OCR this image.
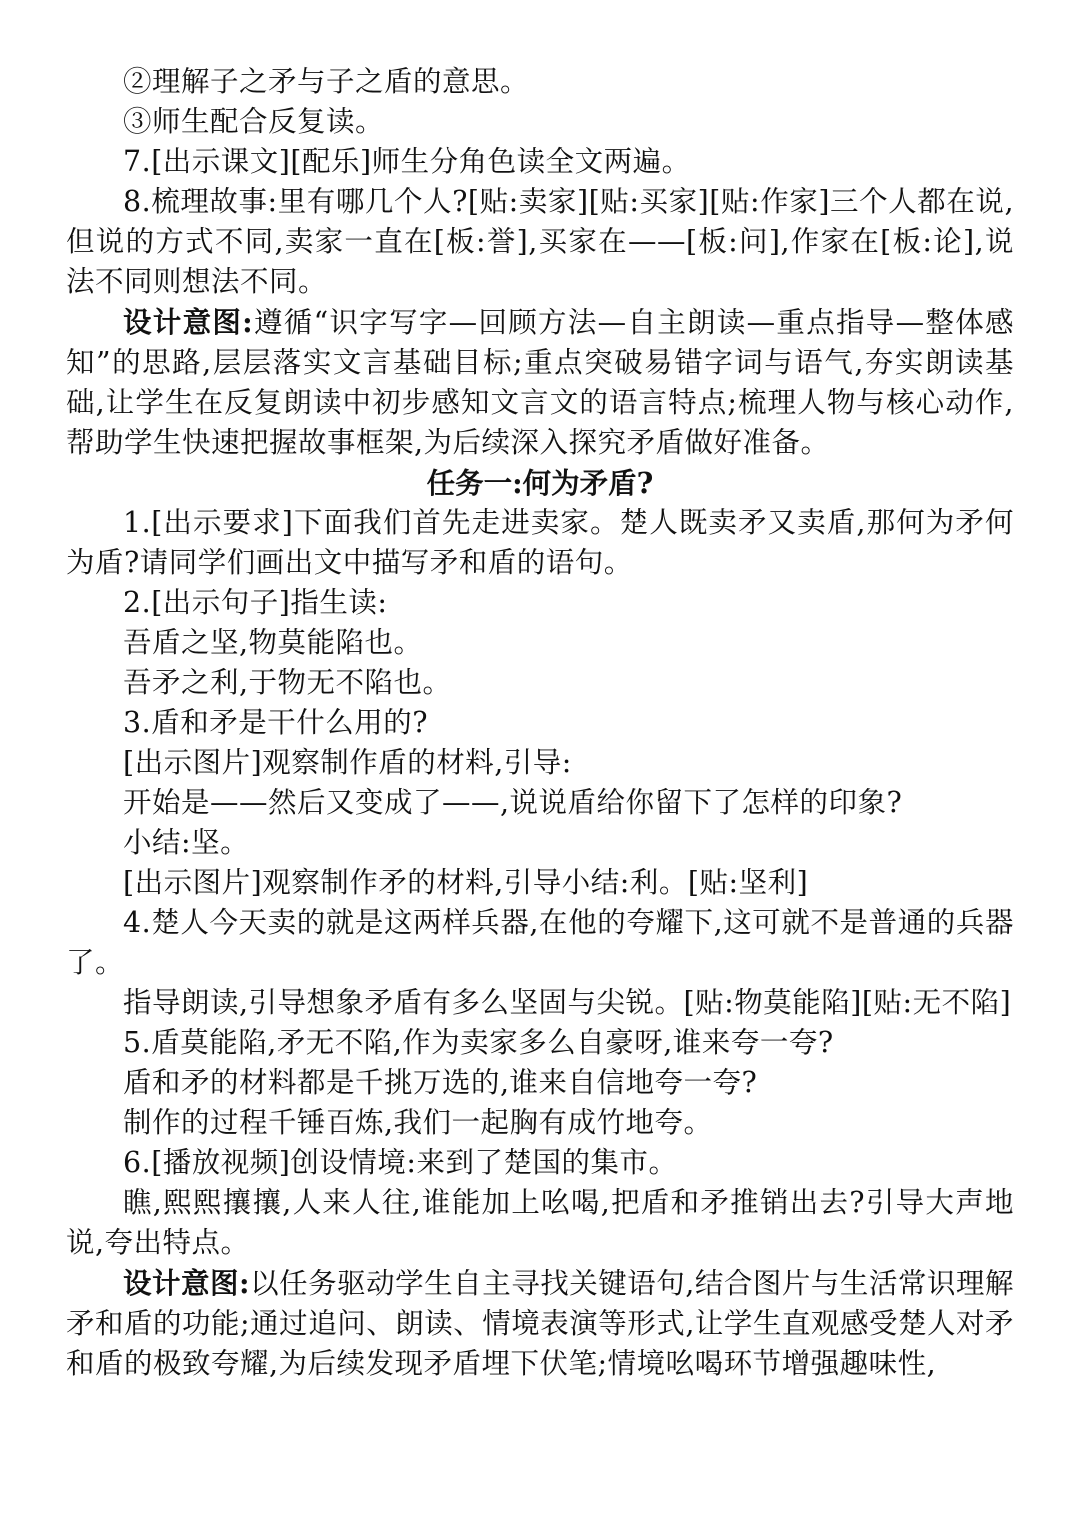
②理解子之矛与子之盾的意思。

③师生配合反复读。

7.[出示课文][配乐]师生分角色读全文两遍。

8.梳理故事:里有哪几个人?[贴:卖家][贴:买家][贴:作家]三个人都在说,但说的方式不同,卖家一直在[板:誉],买家在——[板:问],作家在[板:论],说法不同则想法不同。

设计意图:遵循“识字写字—回顾方法—自主朗读—重点指导—整体感知”的思路,层层落实文言基础目标;重点突破易错字词与语气,夯实朗读基础,让学生在反复朗读中初步感知文言文的语言特点;梳理人物与核心动作,帮助学生快速把握故事框架,为后续深入探究矛盾做好准备。

任务一:何为矛盾?

1.[出示要求]下面我们首先走进卖家。楚人既卖矛又卖盾,那何为矛何为盾?请同学们画出文中描写矛和盾的语句。

2.[出示句子]指生读:

吾盾之坚,物莫能陷也。

吾矛之利,于物无不陷也。

3.盾和矛是干什么用的?

[出示图片]观察制作盾的材料,引导:

开始是——然后又变成了——,说说盾给你留下了怎样的印象?

小结:坚。

[出示图片]观察制作矛的材料,引导小结:利。[贴:坚利]

4.楚人今天卖的就是这两样兵器,在他的夸耀下,这可就不是普通的兵器了。

指导朗读,引导想象矛盾有多么坚固与尖锐。[贴:物莫能陷][贴:无不陷]

5.盾莫能陷,矛无不陷,作为卖家多么自豪呀,谁来夸一夸?

盾和矛的材料都是千挑万选的,谁来自信地夸一夸?

制作的过程千锤百炼,我们一起胸有成竹地夸。

6.[播放视频]创设情境:来到了楚国的集市。

瞧,熙熙攘攘,人来人往,谁能加上吆喝,把盾和矛推销出去?引导大声地说,夸出特点。

设计意图:以任务驱动学生自主寻找关键语句,结合图片与生活常识理解矛和盾的功能;通过追问、朗读、情境表演等形式,让学生直观感受楚人对矛和盾的极致夸耀,为后续发现矛盾埋下伏笔;情境吆喝环节增强趣味性,
